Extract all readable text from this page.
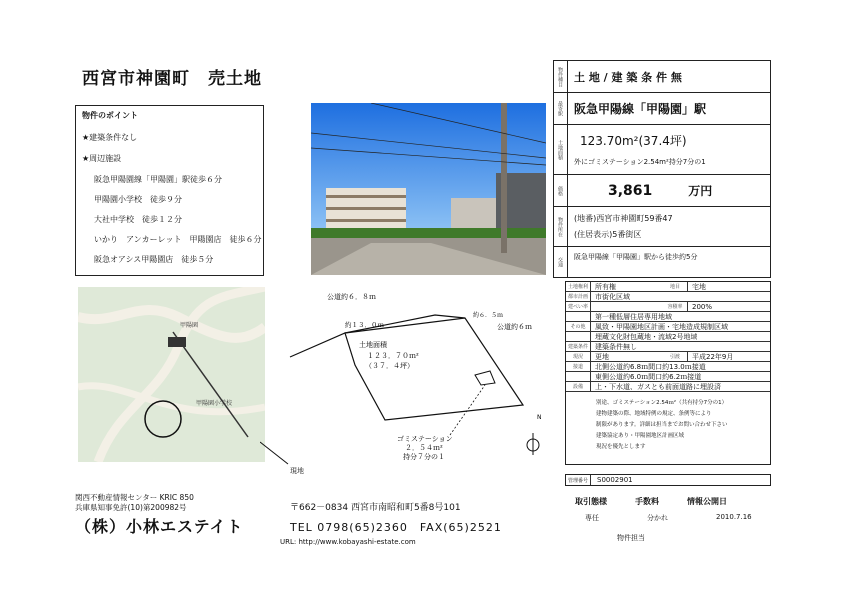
西宮市神園町　売土地
物件のポイント
★建築条件なし
★周辺施設
阪急甲陽園線「甲陽園」駅徒歩６分
甲陽園小学校　徒歩９分
大社中学校　徒歩１２分
いかり　アンカーレット　甲陽園店　徒歩６分
阪急オアシス甲陽園店　徒歩５分
甲陽園
甲陽園小学校
現地
公道約６．８ｍ
公道約６ｍ
約１３．０ｍ
約６．５ｍ
土地面積
１２３．７０ｍ²
（３７．４坪）
ゴミステーション
２．５４ｍ²
持分７分の１
N
関西不動産情報センター KRIC 850
兵庫県知事免許(10)第200982号
（株）小林エステイト
〒662－0834 西宮市南昭和町5番8号101
TEL 0798(65)2360　FAX(65)2521
URL: http://www.kobayashi-estate.com
物件種目	土 地 / 建 築 条 件 無
最寄駅 阪急甲陽線「甲陽園」駅
土地面積	123.70m²(37.4坪)
外にゴミステーション2.54m²持分7分の1
価格	3,861	万円
物件所在	(地番)西宮市神園町59番47
(住居表示)5番街区
交通	阪急甲陽線「甲陽園」駅から徒歩約5分
土地権利	所有権	地目	宅地
都市計画	市街化区域
建ぺい率	容積率	200%
第一種低層住居専用地域
その他	風致・甲陽園地区計画・宅地造成規制区域
埋蔵文化財包蔵地・流域2号地域
建築条件	建築条件無し
現況	更地	引渡	平成22年9月
接道	北側公道約6.8ｍ間口約13.0ｍ接道
東側公道約6.0ｍ間口約6.2ｍ接道
設備	上・下水道、ガスとも前面道路に埋設済
別途、ゴミステーション2.54ｍ²（共有持分7分の1）
建物建築の際、地域特例の規定、条例等により
制限があります。詳細は担当までお問い合わせ下さい
建築協定あり・甲陽園地区計画区域
現況を優先とします
管理番号	S0002901
取引態様	手数料	情報公開日
専任	分かれ	2010.7.16
物件担当
